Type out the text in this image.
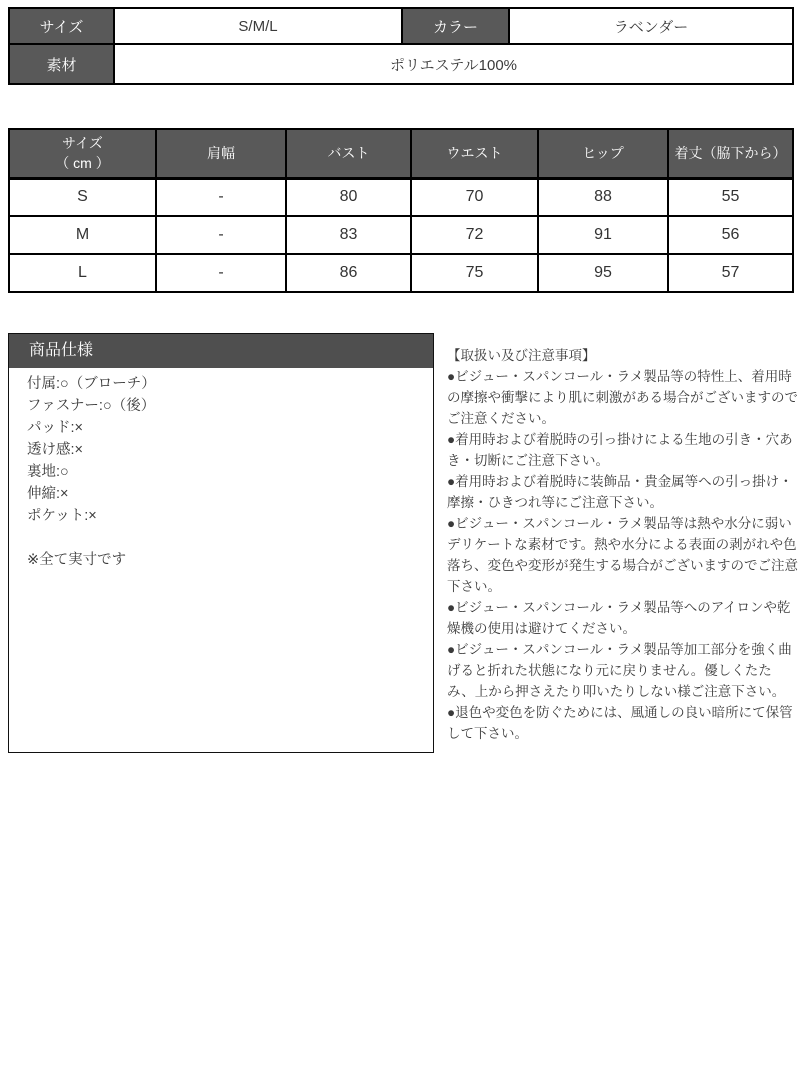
サイズ	S/M/L	カラー	ラベンダー
素材	ポリエステル100%		
サイズ
（ cm ）	肩幅	バスト	ウエスト	ヒップ	着丈（脇下から）
S	-	80	70	88	55
M	-	83	72	91	56
L	-	86	75	95	57
商品仕様
付属:○（ブローチ）
ファスナー:○（後）
パッド:×
透け感:×
裏地:○
伸縮:×
ポケット:×
※全て実寸です

【取扱い及び注意事項】

●ビジュー・スパンコール・ラメ製品等の特性上、着用時の摩擦や衝撃により肌に刺激がある場合がございますのでご注意ください。

●着用時および着脱時の引っ掛けによる生地の引き・穴あき・切断にご注意下さい。

●着用時および着脱時に装飾品・貴金属等への引っ掛け・摩擦・ひきつれ等にご注意下さい。

●ビジュー・スパンコール・ラメ製品等は熱や水分に弱いデリケートな素材です。熱や水分による表面の剥がれや色落ち、変色や変形が発生する場合がございますのでご注意下さい。

●ビジュー・スパンコール・ラメ製品等へのアイロンや乾燥機の使用は避けてください。

●ビジュー・スパンコール・ラメ製品等加工部分を強く曲げると折れた状態になり元に戻りません。優しくたたみ、上から押さえたり叩いたりしない様ご注意下さい。

●退色や変色を防ぐためには、風通しの良い暗所にて保管して下さい。
